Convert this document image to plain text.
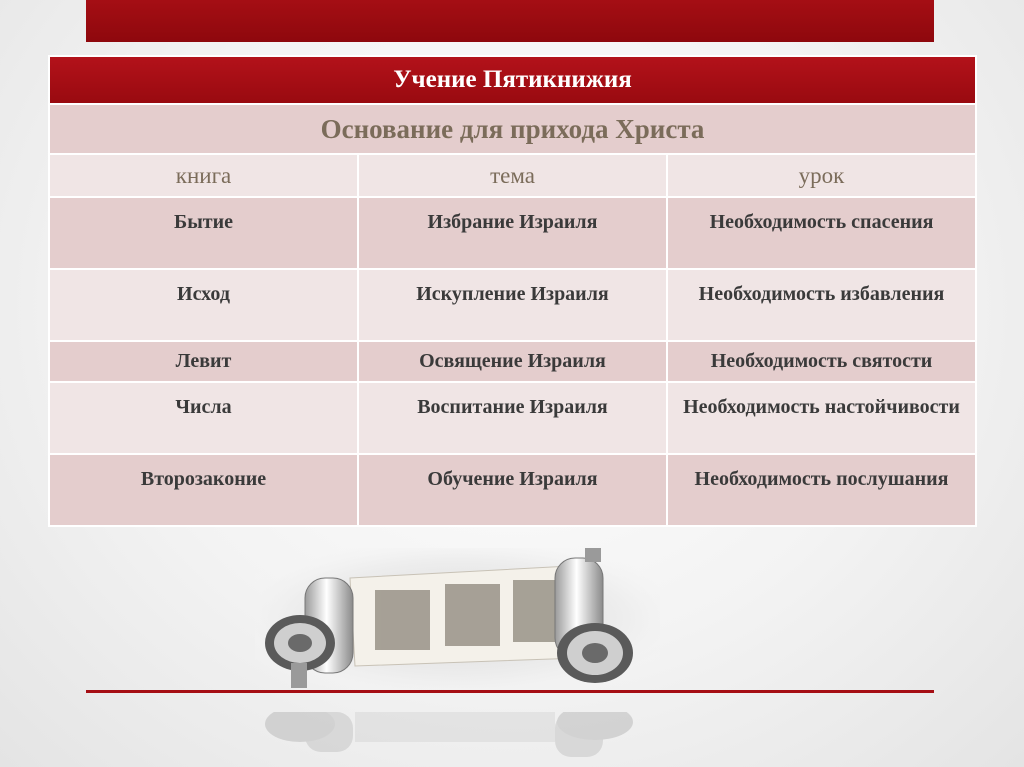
Учение Пятикнижия		
Основание для прихода Христа		
книга	тема	урок
Бытие	Избрание Израиля	Необходимость спасения
Исход	Искупление Израиля	Необходимость избавления
Левит	Освящение Израиля	Необходимость святости
Числа	Воспитание Израиля	Необходимость настойчивости
Второзаконие	Обучение Израиля	Необходимость послушания
